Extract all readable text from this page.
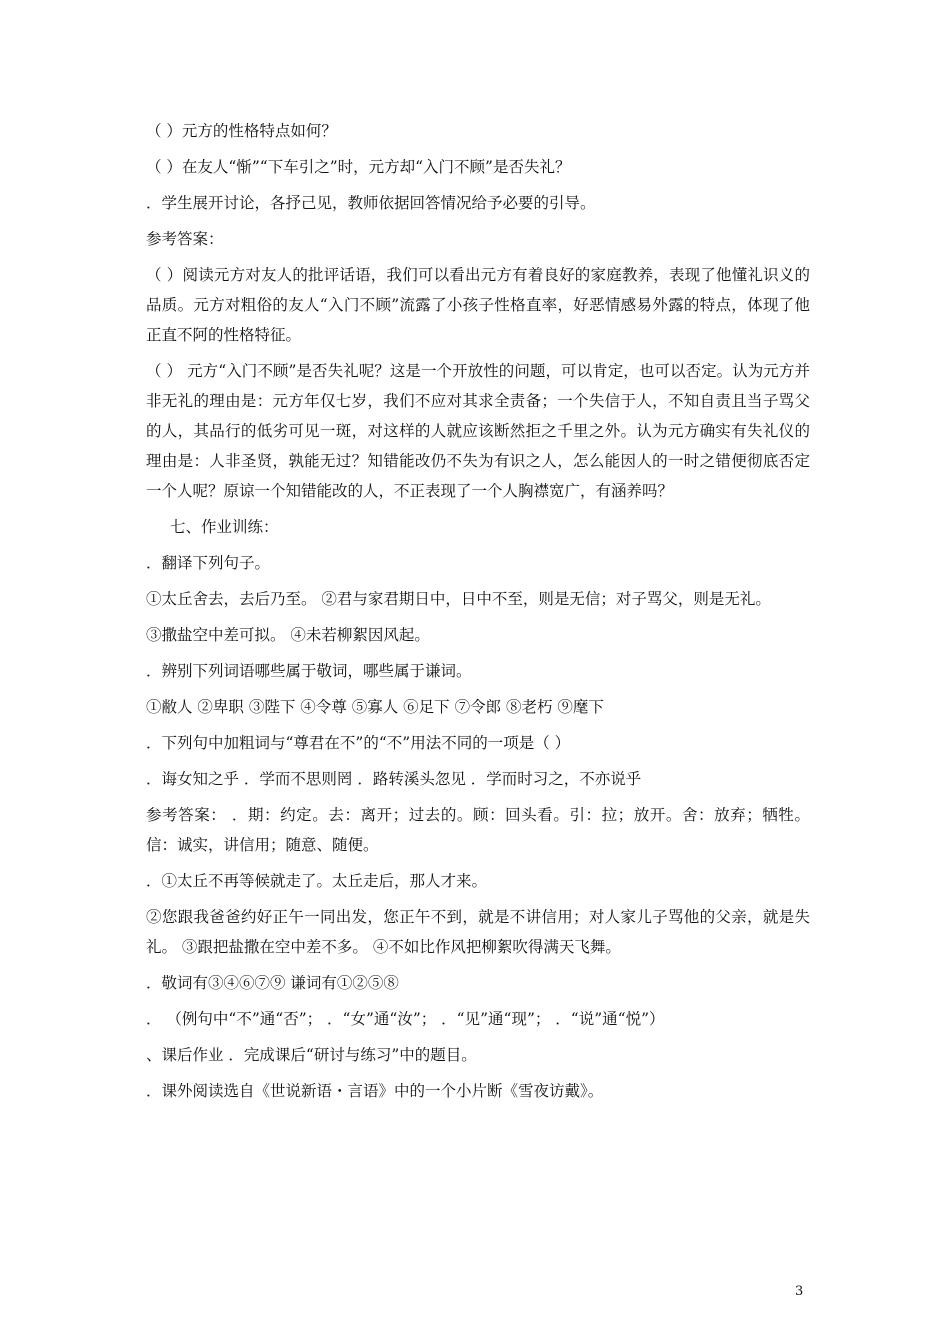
（ ）元方的性格特点如何？

（ ）在友人“惭”“下车引之”时，元方却“入门不顾”是否失礼？

．学生展开讨论，各抒己见，教师依据回答情况给予必要的引导。

参考答案：

（ ）阅读元方对友人的批评话语，我们可以看出元方有着良好的家庭教养，表现了他懂礼识义的品质。元方对粗俗的友人“入门不顾”流露了小孩子性格直率，好恶情感易外露的特点，体现了他正直不阿的性格特征。

（ ） 元方“入门不顾”是否失礼呢？这是一个开放性的问题，可以肯定，也可以否定。认为元方并非无礼的理由是：元方年仅七岁，我们不应对其求全责备；一个失信于人，不知自责且当子骂父的人，其品行的低劣可见一斑，对这样的人就应该断然拒之千里之外。认为元方确实有失礼仪的理由是：人非圣贤，孰能无过？知错能改仍不失为有识之人，怎么能因人的一时之错便彻底否定一个人呢？原谅一个知错能改的人，不正表现了一个人胸襟宽广，有涵养吗？

七、作业训练：

．翻译下列句子。

①太丘舍去，去后乃至。 ②君与家君期日中，日中不至，则是无信；对子骂父，则是无礼。

③撒盐空中差可拟。 ④未若柳絮因风起。

．辨别下列词语哪些属于敬词，哪些属于谦词。

①敝人 ②卑职 ③陛下 ④令尊 ⑤寡人 ⑥足下 ⑦令郎 ⑧老朽 ⑨麾下

．下列句中加粗词与“尊君在不”的“不”用法不同的一项是（ ）

．诲女知之乎 ．学而不思则罔 ．路转溪头忽见 ．学而时习之，不亦说乎

参考答案： ．期：约定。去：离开；过去的。顾：回头看。引：拉；放开。舍：放弃；牺牲。信：诚实，讲信用；随意、随便。

．①太丘不再等候就走了。太丘走后，那人才来。

②您跟我爸爸约好正午一同出发，您正午不到，就是不讲信用；对人家儿子骂他的父亲，就是失礼。 ③跟把盐撒在空中差不多。 ④不如比作风把柳絮吹得满天飞舞。

．敬词有③④⑥⑦⑨ 谦词有①②⑤⑧

． （例句中“不”通“否”； ．“女”通“汝”； ．“见”通“现”； ．“说”通“悦”）

、课后作业 ．完成课后“研讨与练习”中的题目。

．课外阅读选自《世说新语・言语》中的一个小片断《雪夜访戴》。

3
